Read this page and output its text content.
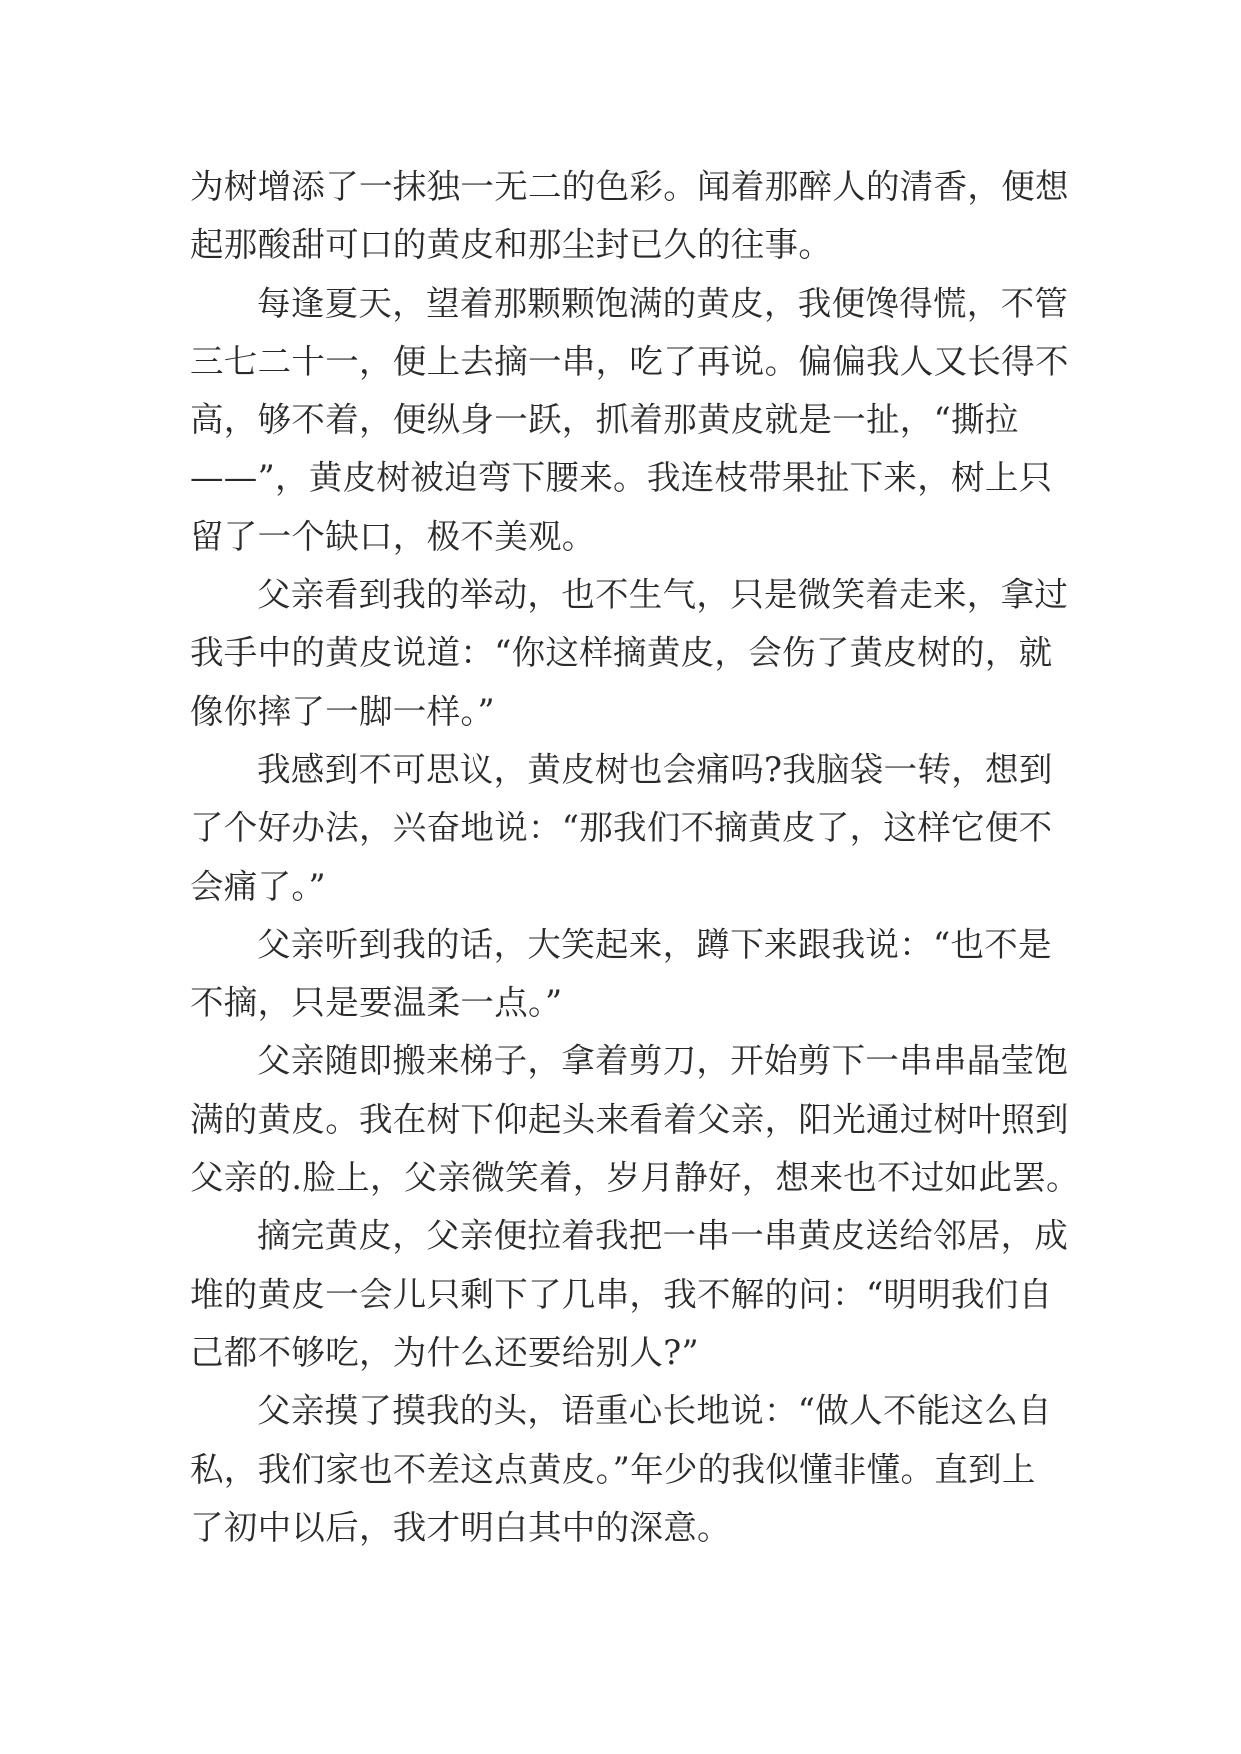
为树增添了一抹独一无二的色彩。闻着那醉人的清香，便想
起那酸甜可口的黄皮和那尘封已久的往事。
每逢夏天，望着那颗颗饱满的黄皮，我便馋得慌，不管
三七二十一，便上去摘一串，吃了再说。偏偏我人又长得不
高，够不着，便纵身一跃，抓着那黄皮就是一扯，“撕拉
——”，黄皮树被迫弯下腰来。我连枝带果扯下来，树上只
留了一个缺口，极不美观。
父亲看到我的举动，也不生气，只是微笑着走来，拿过
我手中的黄皮说道：“你这样摘黄皮，会伤了黄皮树的，就
像你摔了一脚一样。”
我感到不可思议，黄皮树也会痛吗?我脑袋一转，想到
了个好办法，兴奋地说：“那我们不摘黄皮了，这样它便不
会痛了。”
父亲听到我的话，大笑起来，蹲下来跟我说：“也不是
不摘，只是要温柔一点。”
父亲随即搬来梯子，拿着剪刀，开始剪下一串串晶莹饱
满的黄皮。我在树下仰起头来看着父亲，阳光通过树叶照到
父亲的.脸上，父亲微笑着，岁月静好，想来也不过如此罢。
摘完黄皮，父亲便拉着我把一串一串黄皮送给邻居，成
堆的黄皮一会儿只剩下了几串，我不解的问：“明明我们自
己都不够吃，为什么还要给别人?”
父亲摸了摸我的头，语重心长地说：“做人不能这么自
私，我们家也不差这点黄皮。”年少的我似懂非懂。直到上
了初中以后，我才明白其中的深意。
